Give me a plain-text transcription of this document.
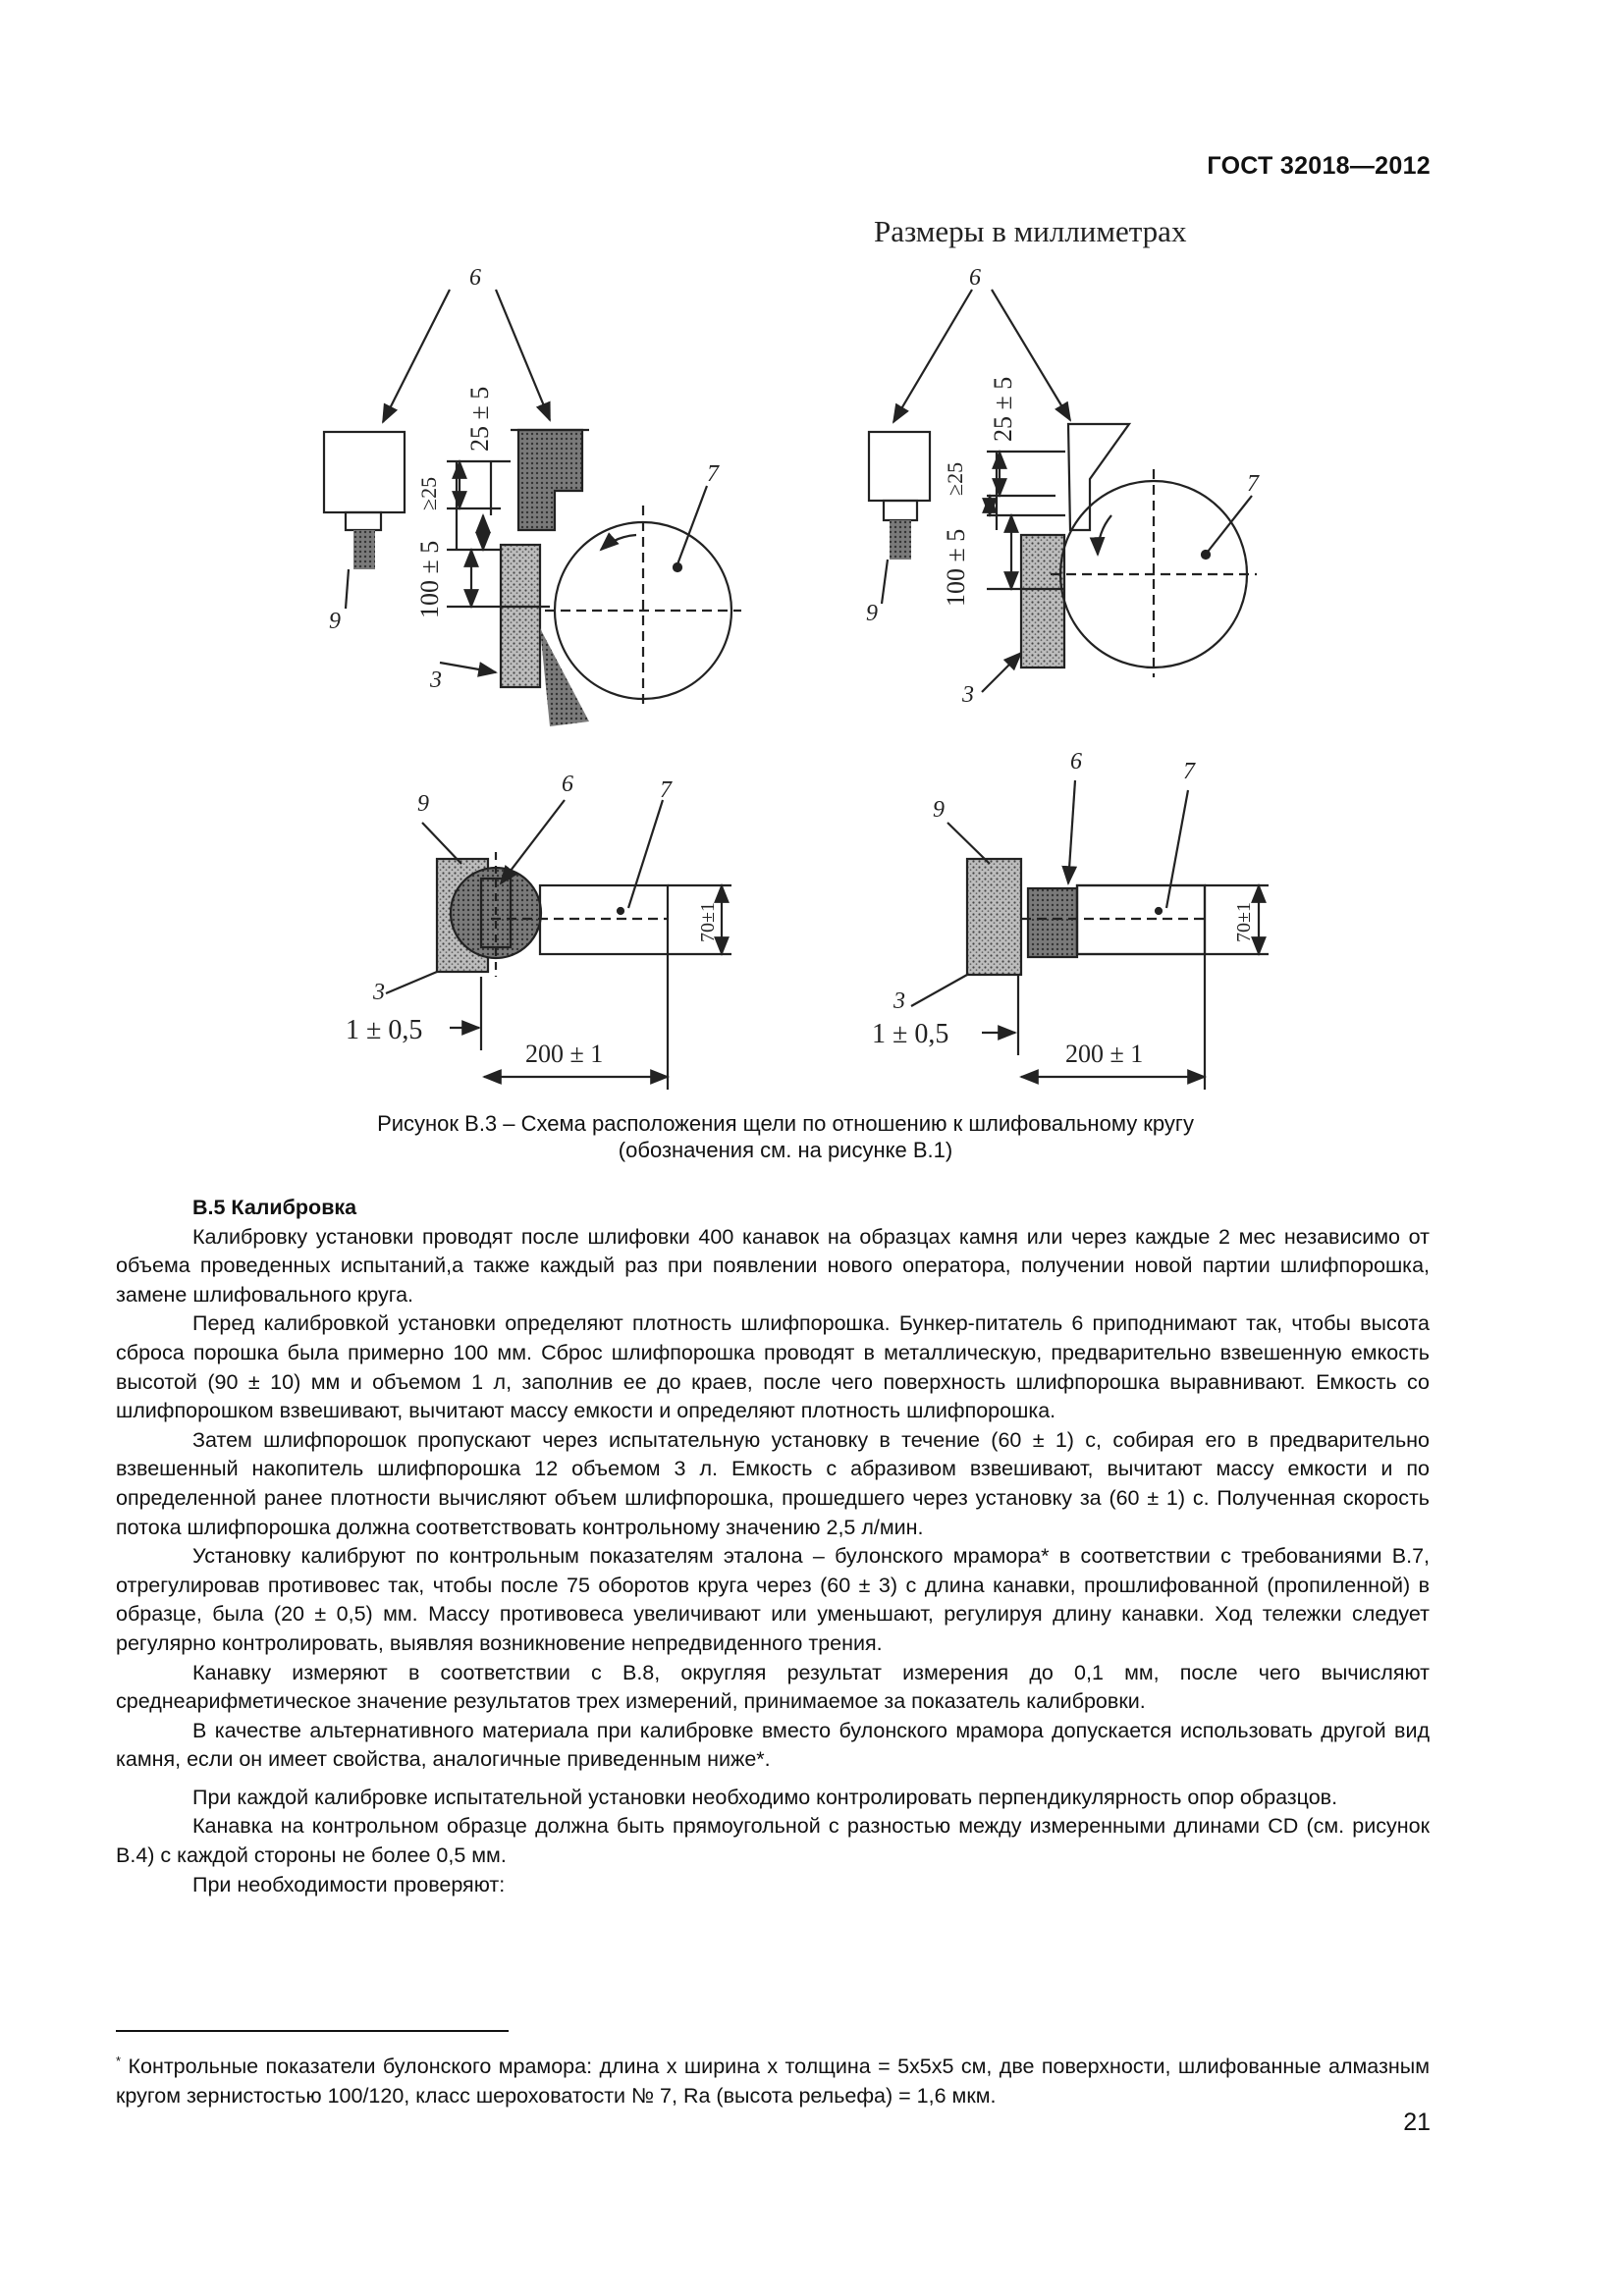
ГОСТ 32018—2012
Размеры в миллиметрах
6
7
9
3
25 ± 5
100 ± 5
≥25
6
7
9
3
25 ± 5
100 ± 5
≥25
9
6	7
3
1 ± 0,5
200 ± 1
70±1
9
6	7
3
1 ± 0,5
200 ± 1
70±1
Рисунок В.3 – Схема расположения щели по отношению к шлифовальному кругу
(обозначения см. на рисунке В.1)

В.5 Калибровка

Калибровку установки проводят после шлифовки 400 канавок на образцах камня или через каждые 2 мес независимо от объема проведенных испытаний,а также каждый раз при появлении нового оператора, получении новой партии шлифпорошка, замене шлифовального круга.

Перед калибровкой установки определяют плотность шлифпорошка. Бункер-питатель 6 приподнимают так, чтобы высота сброса порошка была примерно 100 мм. Сброс шлифпорошка проводят в металлическую, предварительно взвешенную емкость высотой (90 ± 10) мм и объемом 1 л, заполнив ее до краев, после чего поверхность шлифпорошка выравнивают. Емкость со шлифпорошком взвешивают, вычитают массу емкости и определяют плотность шлифпорошка.

Затем шлифпорошок пропускают через испытательную установку в течение (60 ± 1) с, собирая его в предварительно взвешенный накопитель шлифпорошка 12 объемом 3 л. Емкость с абразивом взвешивают, вычитают массу емкости и по определенной ранее плотности вычисляют объем шлифпорошка, прошедшего через установку за (60 ± 1) с. Полученная скорость потока шлифпорошка должна соответствовать контрольному значению 2,5 л/мин.

Установку калибруют по контрольным показателям эталона – булонского мрамора* в соответствии с требованиями В.7, отрегулировав противовес так, чтобы после 75 оборотов круга через (60 ± 3) с длина канавки, прошлифованной (пропиленной) в образце, была (20 ± 0,5) мм. Массу противовеса увеличивают или уменьшают, регулируя длину канавки. Ход тележки следует регулярно контролировать, выявляя возникновение непредвиденного трения.

Канавку измеряют в соответствии с В.8, округляя результат измерения до 0,1 мм, после чего вычисляют среднеарифметическое значение результатов трех измерений, принимаемое за показатель калибровки.

В качестве альтернативного материала при калибровке вместо булонского мрамора допускается использовать другой вид камня, если он имеет свойства, аналогичные приведенным ниже*.

При каждой калибровке испытательной установки необходимо контролировать перпендикулярность опор образцов.

Канавка на контрольном образце должна быть прямоугольной с разностью между измеренными длинами CD (см. рисунок В.4) с каждой стороны не более 0,5 мм.

При необходимости проверяют:

* Контрольные показатели булонского мрамора: длина х ширина х толщина = 5х5х5 см, две поверхности, шлифованные алмазным кругом зернистостью 100/120, класс шероховатости № 7, Ra (высота рельефа) = 1,6 мкм.
21
